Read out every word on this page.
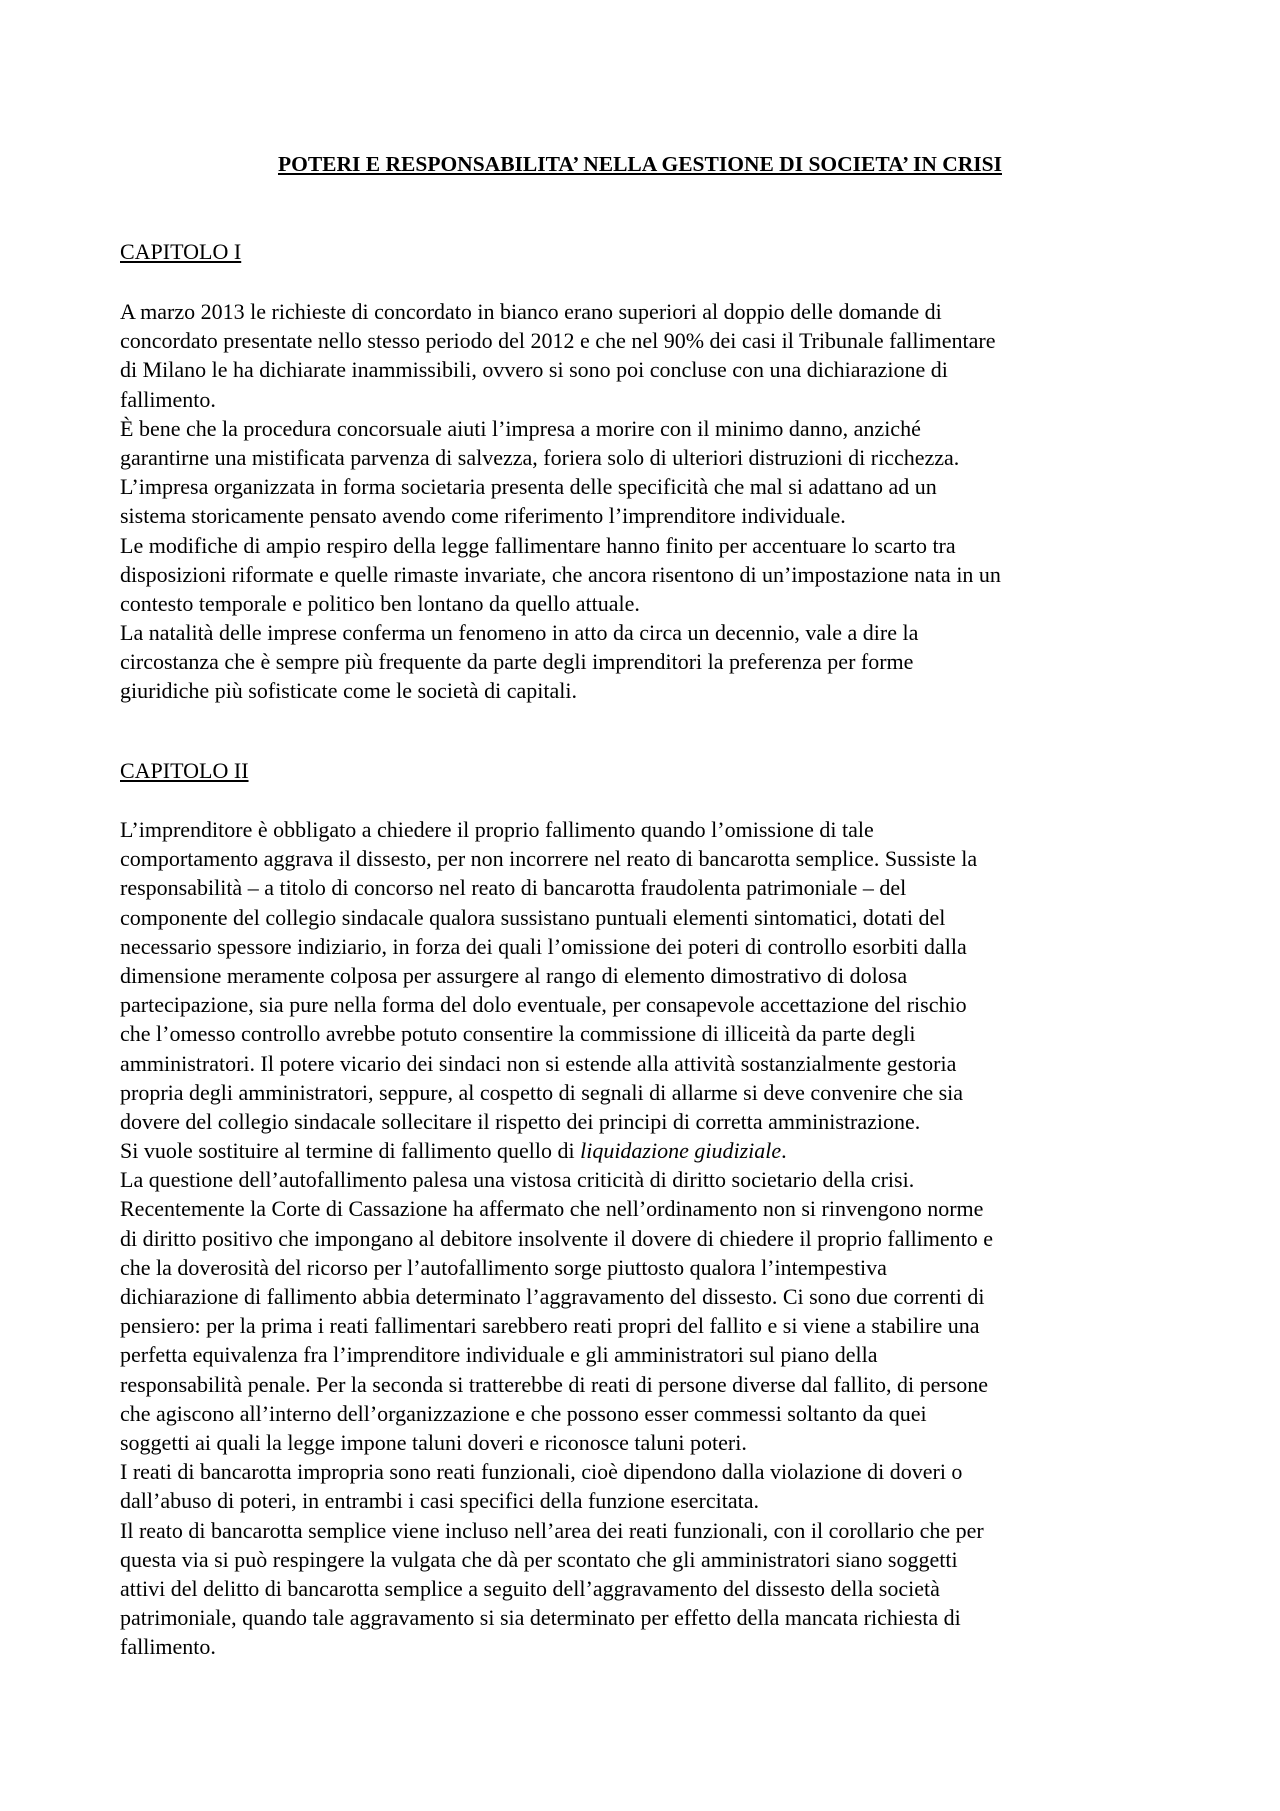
POTERI E RESPONSABILITA’ NELLA GESTIONE DI SOCIETA’ IN CRISI
CAPITOLO I
A marzo 2013 le richieste di concordato in bianco erano superiori al doppio delle domande di
concordato presentate nello stesso periodo del 2012 e che nel 90% dei casi il Tribunale fallimentare
di Milano le ha dichiarate inammissibili, ovvero si sono poi concluse con una dichiarazione di
fallimento.
È bene che la procedura concorsuale aiuti l’impresa a morire con il minimo danno, anziché
garantirne una mistificata parvenza di salvezza, foriera solo di ulteriori distruzioni di ricchezza.
L’impresa organizzata in forma societaria presenta delle specificità che mal si adattano ad un
sistema storicamente pensato avendo come riferimento l’imprenditore individuale.
Le modifiche di ampio respiro della legge fallimentare hanno finito per accentuare lo scarto tra
disposizioni riformate e quelle rimaste invariate, che ancora risentono di un’impostazione nata in un
contesto temporale e politico ben lontano da quello attuale.
La natalità delle imprese conferma un fenomeno in atto da circa un decennio, vale a dire la
circostanza che è sempre più frequente da parte degli imprenditori la preferenza per forme
giuridiche più sofisticate come le società di capitali.
CAPITOLO II
L’imprenditore è obbligato a chiedere il proprio fallimento quando l’omissione di tale
comportamento aggrava il dissesto, per non incorrere nel reato di bancarotta semplice. Sussiste la
responsabilità – a titolo di concorso nel reato di bancarotta fraudolenta patrimoniale – del
componente del collegio sindacale qualora sussistano puntuali elementi sintomatici, dotati del
necessario spessore indiziario, in forza dei quali l’omissione dei poteri di controllo esorbiti dalla
dimensione meramente colposa per assurgere al rango di elemento dimostrativo di dolosa
partecipazione, sia pure nella forma del dolo eventuale, per consapevole accettazione del rischio
che l’omesso controllo avrebbe potuto consentire la commissione di illiceità da parte degli
amministratori. Il potere vicario dei sindaci non si estende alla attività sostanzialmente gestoria
propria degli amministratori, seppure, al cospetto di segnali di allarme si deve convenire che sia
dovere del collegio sindacale sollecitare il rispetto dei principi di corretta amministrazione.
Si vuole sostituire al termine di fallimento quello di liquidazione giudiziale.
La questione dell’autofallimento palesa una vistosa criticità di diritto societario della crisi.
Recentemente la Corte di Cassazione ha affermato che nell’ordinamento non si rinvengono norme
di diritto positivo che impongano al debitore insolvente il dovere di chiedere il proprio fallimento e
che la doverosità del ricorso per l’autofallimento sorge piuttosto qualora l’intempestiva
dichiarazione di fallimento abbia determinato l’aggravamento del dissesto. Ci sono due correnti di
pensiero: per la prima i reati fallimentari sarebbero reati propri del fallito e si viene a stabilire una
perfetta equivalenza fra l’imprenditore individuale e gli amministratori sul piano della
responsabilità penale. Per la seconda si tratterebbe di reati di persone diverse dal fallito, di persone
che agiscono all’interno dell’organizzazione e che possono esser commessi soltanto da quei
soggetti ai quali la legge impone taluni doveri e riconosce taluni poteri.
I reati di bancarotta impropria sono reati funzionali, cioè dipendono dalla violazione di doveri o
dall’abuso di poteri, in entrambi i casi specifici della funzione esercitata.
Il reato di bancarotta semplice viene incluso nell’area dei reati funzionali, con il corollario che per
questa via si può respingere la vulgata che dà per scontato che gli amministratori siano soggetti
attivi del delitto di bancarotta semplice a seguito dell’aggravamento del dissesto della società
patrimoniale, quando tale aggravamento si sia determinato per effetto della mancata richiesta di
fallimento.
